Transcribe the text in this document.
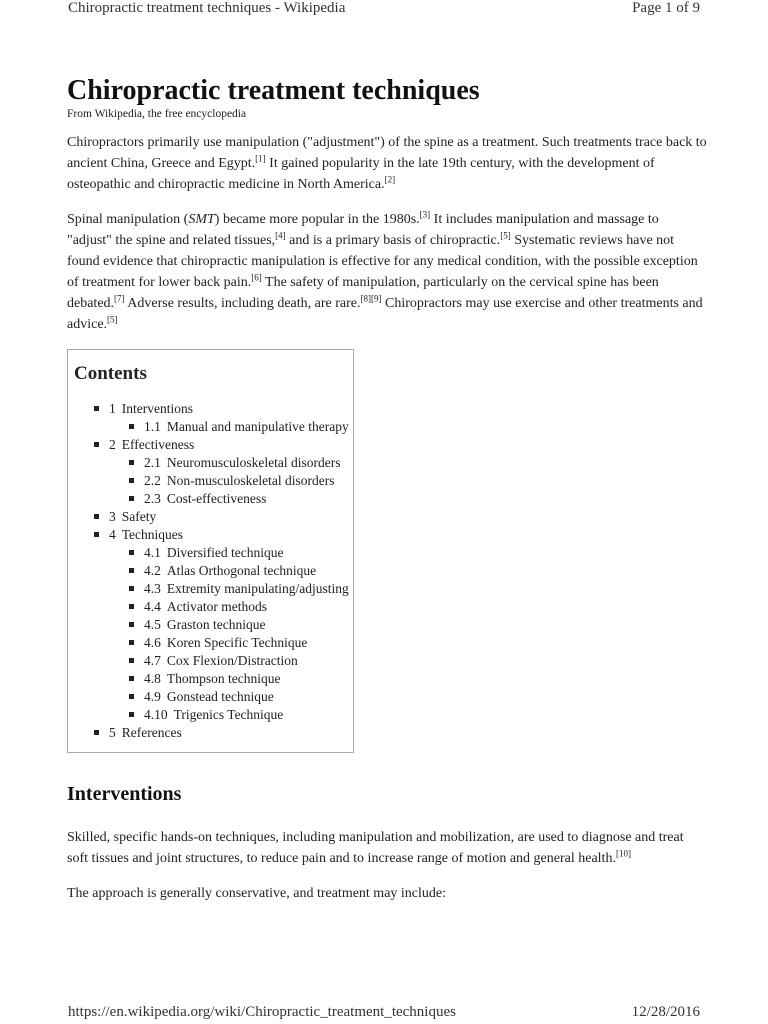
Chiropractic treatment techniques - Wikipedia	Page 1 of 9
Chiropractic treatment techniques
From Wikipedia, the free encyclopedia

Chiropractors primarily use manipulation ("adjustment") of the spine as a treatment. Such treatments trace back to ancient China, Greece and Egypt.[1] It gained popularity in the late 19th century, with the development of osteopathic and chiropractic medicine in North America.[2]

Spinal manipulation (SMT) became more popular in the 1980s.[3] It includes manipulation and massage to "adjust" the spine and related tissues,[4] and is a primary basis of chiropractic.[5] Systematic reviews have not found evidence that chiropractic manipulation is effective for any medical condition, with the possible exception of treatment for lower back pain.[6] The safety of manipulation, particularly on the cervical spine has been debated.[7] Adverse results, including death, are rare.[8][9] Chiropractors may use exercise and other treatments and advice.[5]

Contents
1 Interventions
1.1 Manual and manipulative therapy
2 Effectiveness
2.1 Neuromusculoskeletal disorders
2.2 Non-musculoskeletal disorders
2.3 Cost-effectiveness
3 Safety
4 Techniques
4.1 Diversified technique
4.2 Atlas Orthogonal technique
4.3 Extremity manipulating/adjusting
4.4 Activator methods
4.5 Graston technique
4.6 Koren Specific Technique
4.7 Cox Flexion/Distraction
4.8 Thompson technique
4.9 Gonstead technique
4.10 Trigenics Technique
5 References
Interventions

Skilled, specific hands-on techniques, including manipulation and mobilization, are used to diagnose and treat soft tissues and joint structures, to reduce pain and to increase range of motion and general health.[10]

The approach is generally conservative, and treatment may include:

https://en.wikipedia.org/wiki/Chiropractic_treatment_techniques	12/28/2016
